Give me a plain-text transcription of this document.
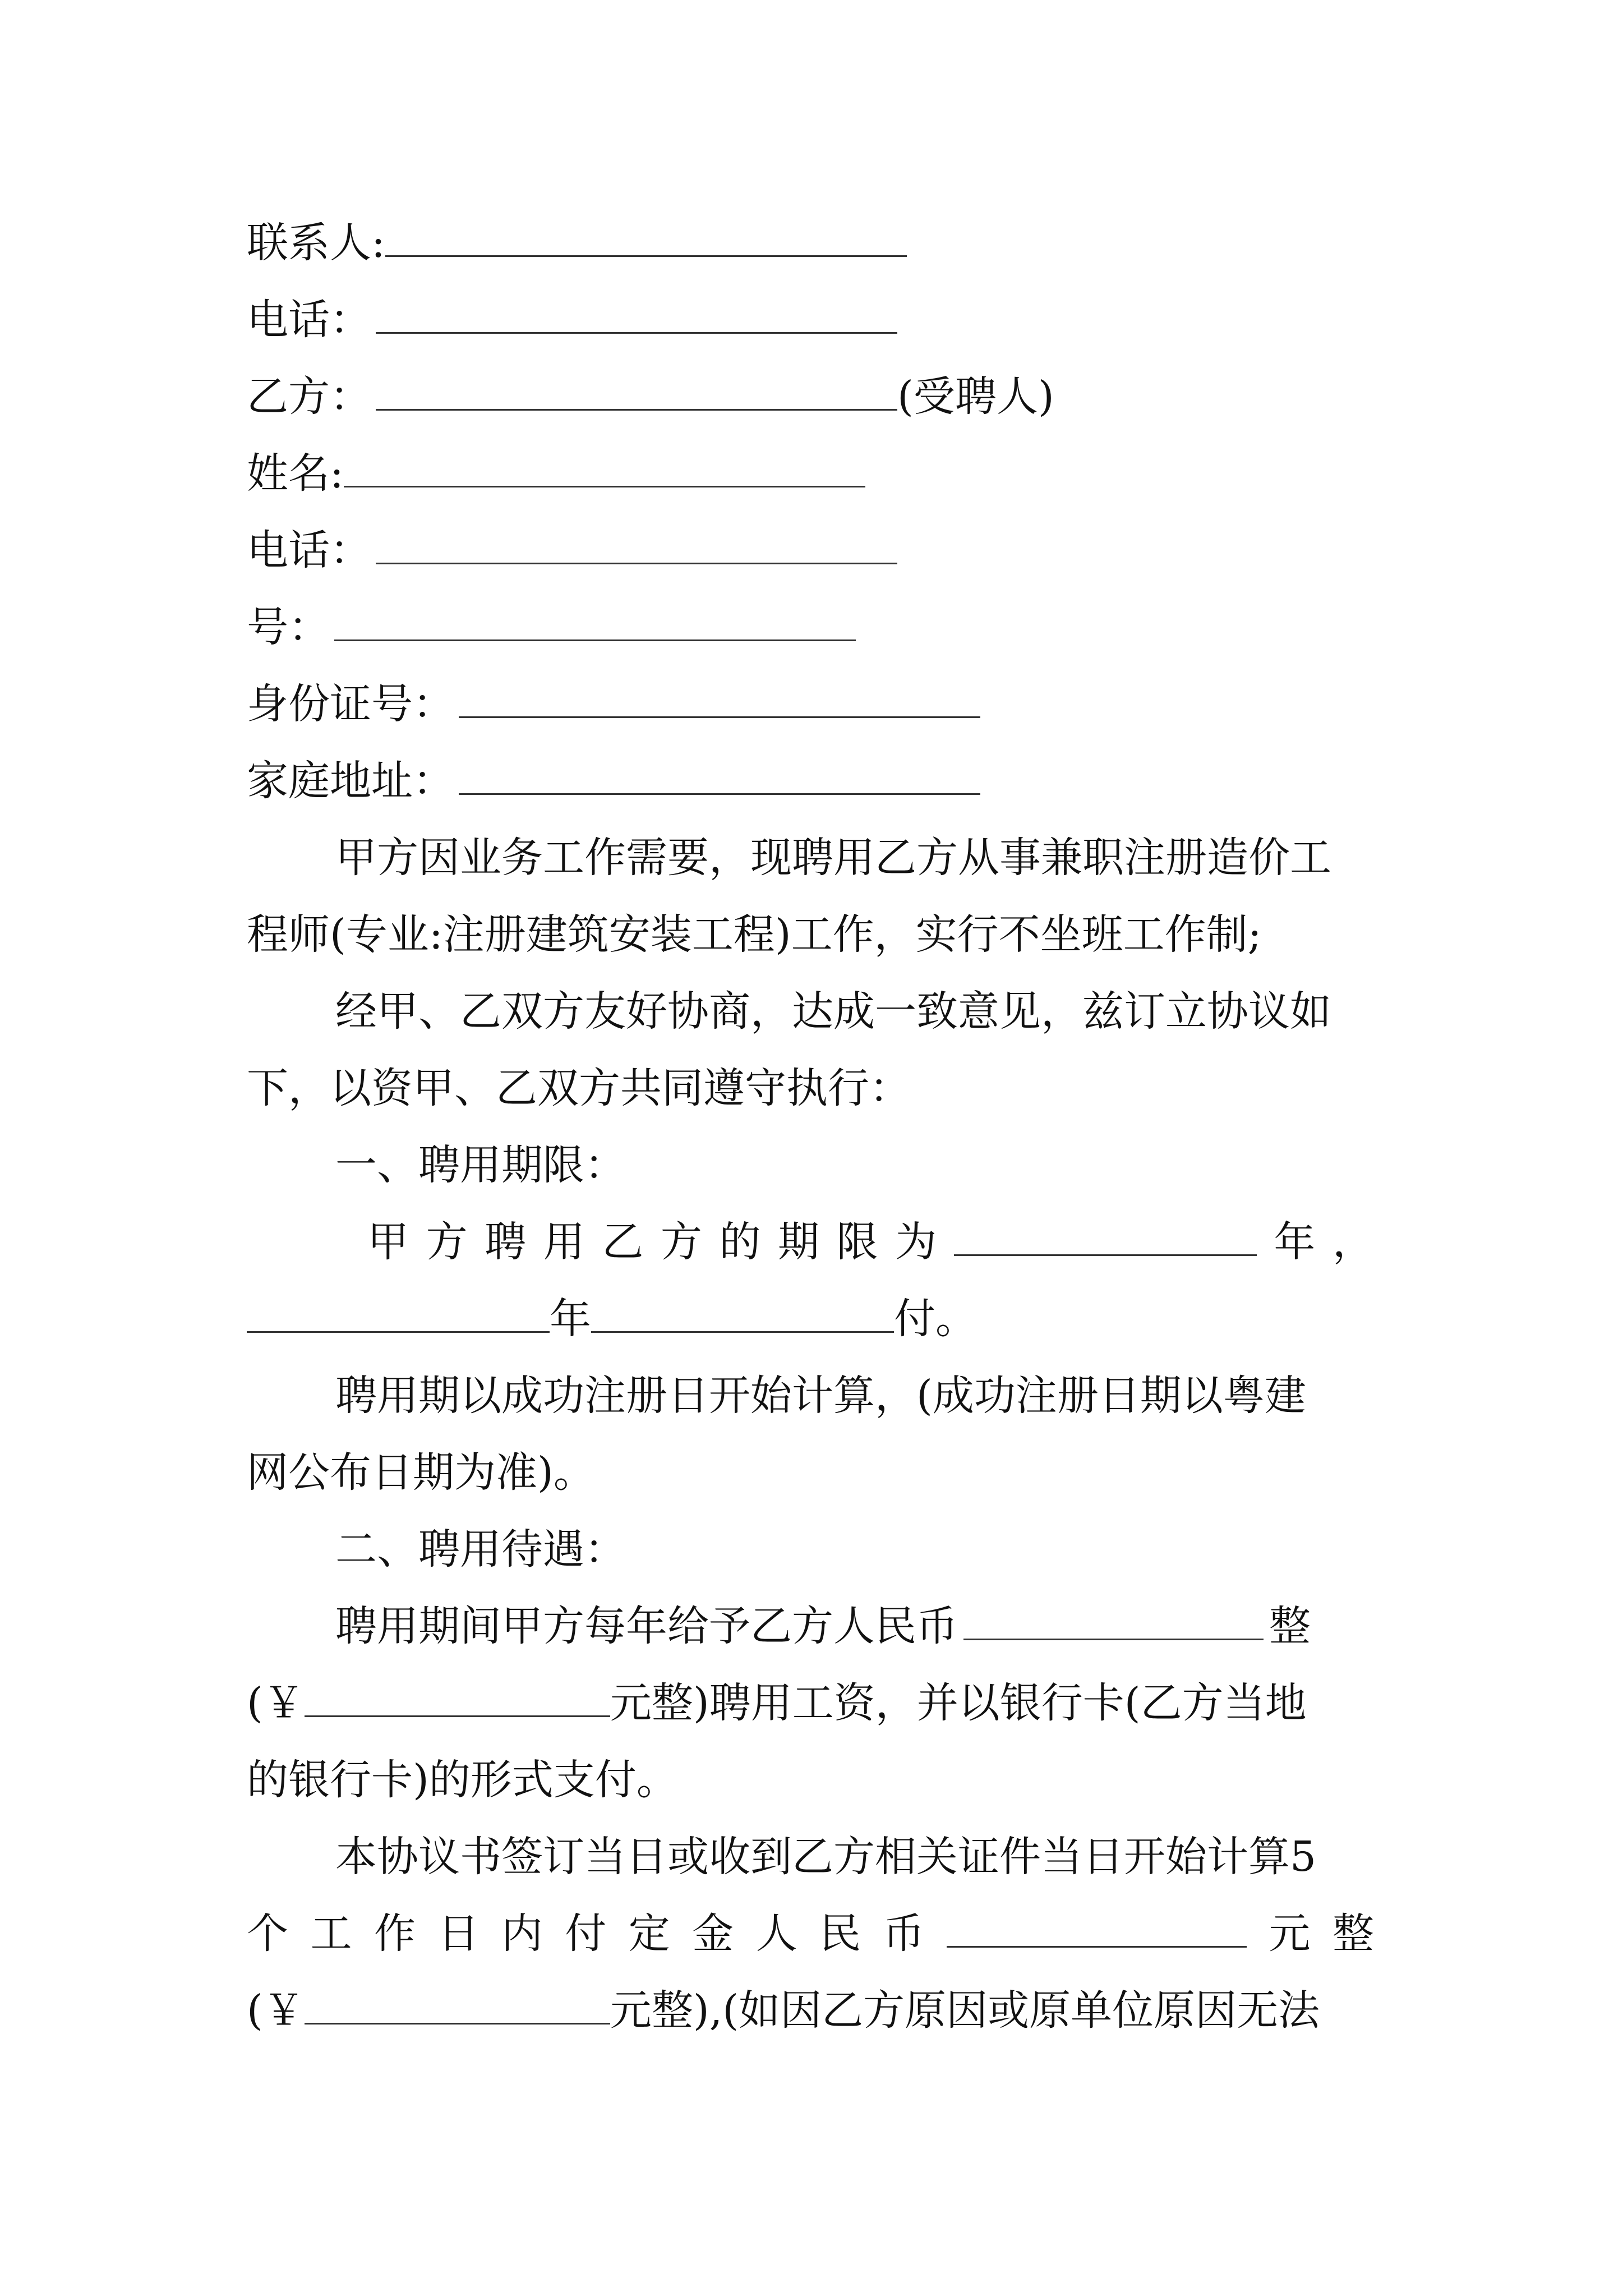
联系人:
电话：
乙方：	(受聘人)
姓名:
电话：
号：
身份证号：
家庭地址：
甲方因业务工作需要，现聘用乙方从事兼职注册造价工
程师(专业:注册建筑安装工程)工作，实行不坐班工作制;
经甲、乙双方友好协商，达成一致意见，兹订立协议如
下，以资甲、乙双方共同遵守执行：
一、聘用期限：
甲 方 聘 用 乙 方 的 期 限 为	年 ，
年	付。
聘用期以成功注册日开始计算，(成功注册日期以粤建
网公布日期为准)。
二、聘用待遇：
聘用期间甲方每年给予乙方人民币	整
(￥	元整)聘用工资，并以银行卡(乙方当地
的银行卡)的形式支付。
本协议书签订当日或收到乙方相关证件当日开始计算5
个 工 作 日 内 付 定 金 人 民 币	元 整
(￥	元整),(如因乙方原因或原单位原因无法
